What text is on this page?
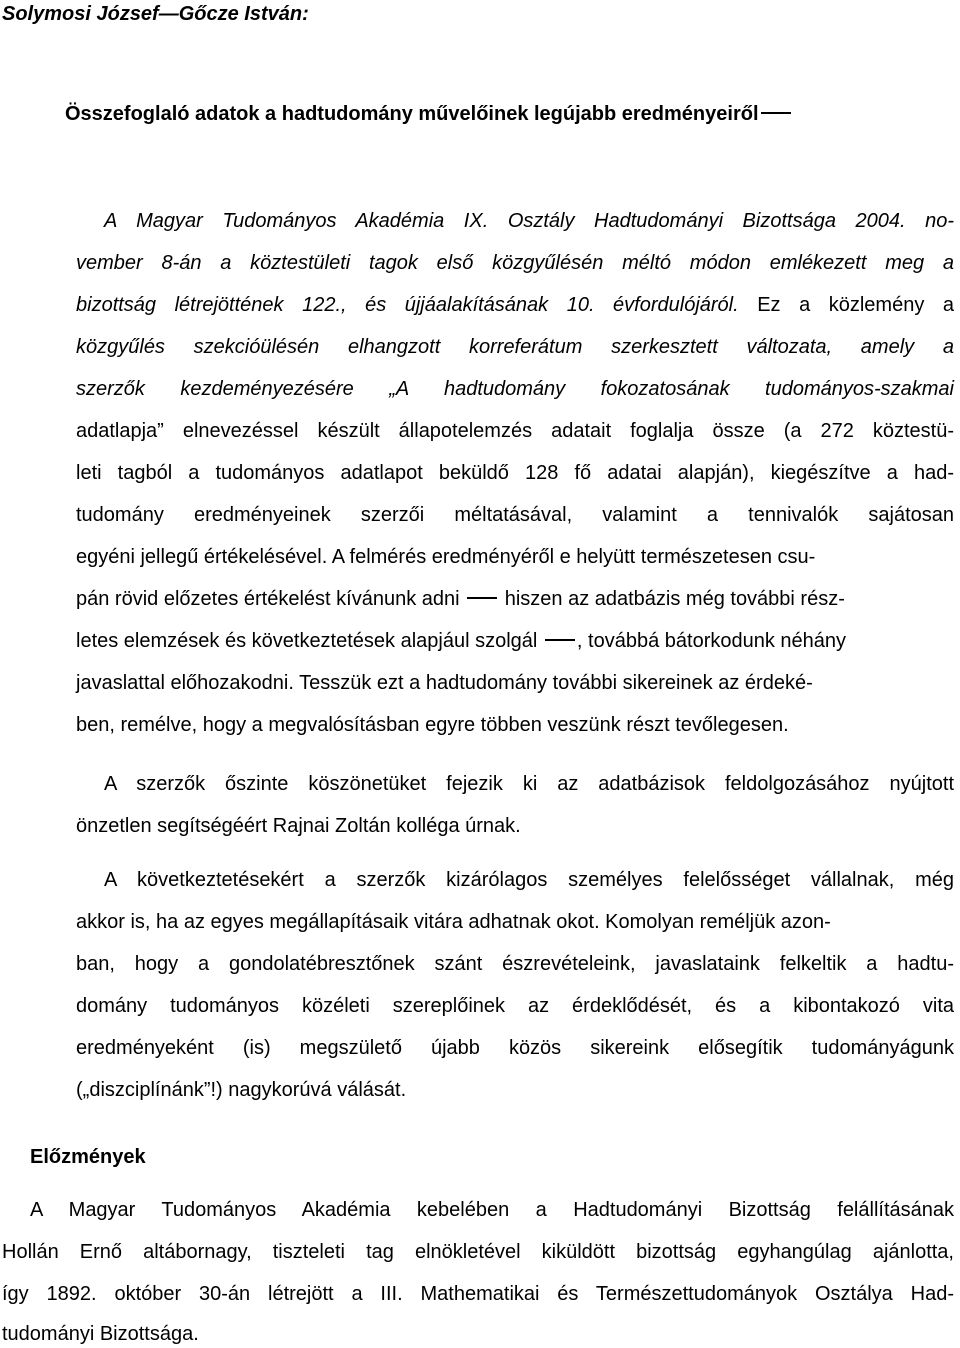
Solymosi József—Gőcze István:
Összefoglaló adatok a hadtudomány művelőinek legújabb eredményeiről
A Magyar Tudományos Akadémia IX. Osztály Hadtudományi Bizottsága 2004. no-
vember 8-án a köztestületi tagok első közgyűlésén méltó módon emlékezett meg a
bizottság létrejöttének 122., és újjáalakításának 10. évfordulójáról. Ez a közlemény a
közgyűlés szekcióülésén elhangzott korreferátum szerkesztett változata, amely a
szerzők kezdeményezésére „A hadtudomány fokozatosának tudományos-szakmai
adatlapja” elnevezéssel készült állapotelemzés adatait foglalja össze (a 272 köztestü-
leti tagból a tudományos adatlapot beküldő 128 fő adatai alapján), kiegészítve a had-
tudomány eredményeinek szerzői méltatásával, valamint a tennivalók sajátosan
egyéni jellegű értékelésével. A felmérés eredményéről e helyütt természetesen csu-
pán rövid előzetes értékelést kívánunk adni  hiszen az adatbázis még további rész-
letes elemzések és következtetések alapjául szolgál , továbbá bátorkodunk néhány
javaslattal előhozakodni. Tesszük ezt a hadtudomány további sikereinek az érdeké-
ben, remélve, hogy a megvalósításban egyre többen veszünk részt tevőlegesen.
A szerzők őszinte köszönetüket fejezik ki az adatbázisok feldolgozásához nyújtott
önzetlen segítségéért Rajnai Zoltán kolléga úrnak.
A következtetésekért a szerzők kizárólagos személyes felelősséget vállalnak, még
akkor is, ha az egyes megállapításaik vitára adhatnak okot. Komolyan reméljük azon-
ban, hogy a gondolatébresztőnek szánt észrevételeink, javaslataink felkeltik a hadtu-
domány tudományos közéleti szereplőinek az érdeklődését, és a kibontakozó vita
eredményeként (is) megszülető újabb közös sikereink elősegítik tudományágunk
(„diszciplínánk”!) nagykorúvá válását.
Előzmények
A Magyar Tudományos Akadémia kebelében a Hadtudományi Bizottság felállításának
Hollán Ernő altábornagy, tiszteleti tag elnökletével kiküldött bizottság egyhangúlag ajánlotta,
így 1892. október 30-án létrejött a III. Mathematikai és Természettudományok Osztálya Had-
tudományi Bizottsága.
